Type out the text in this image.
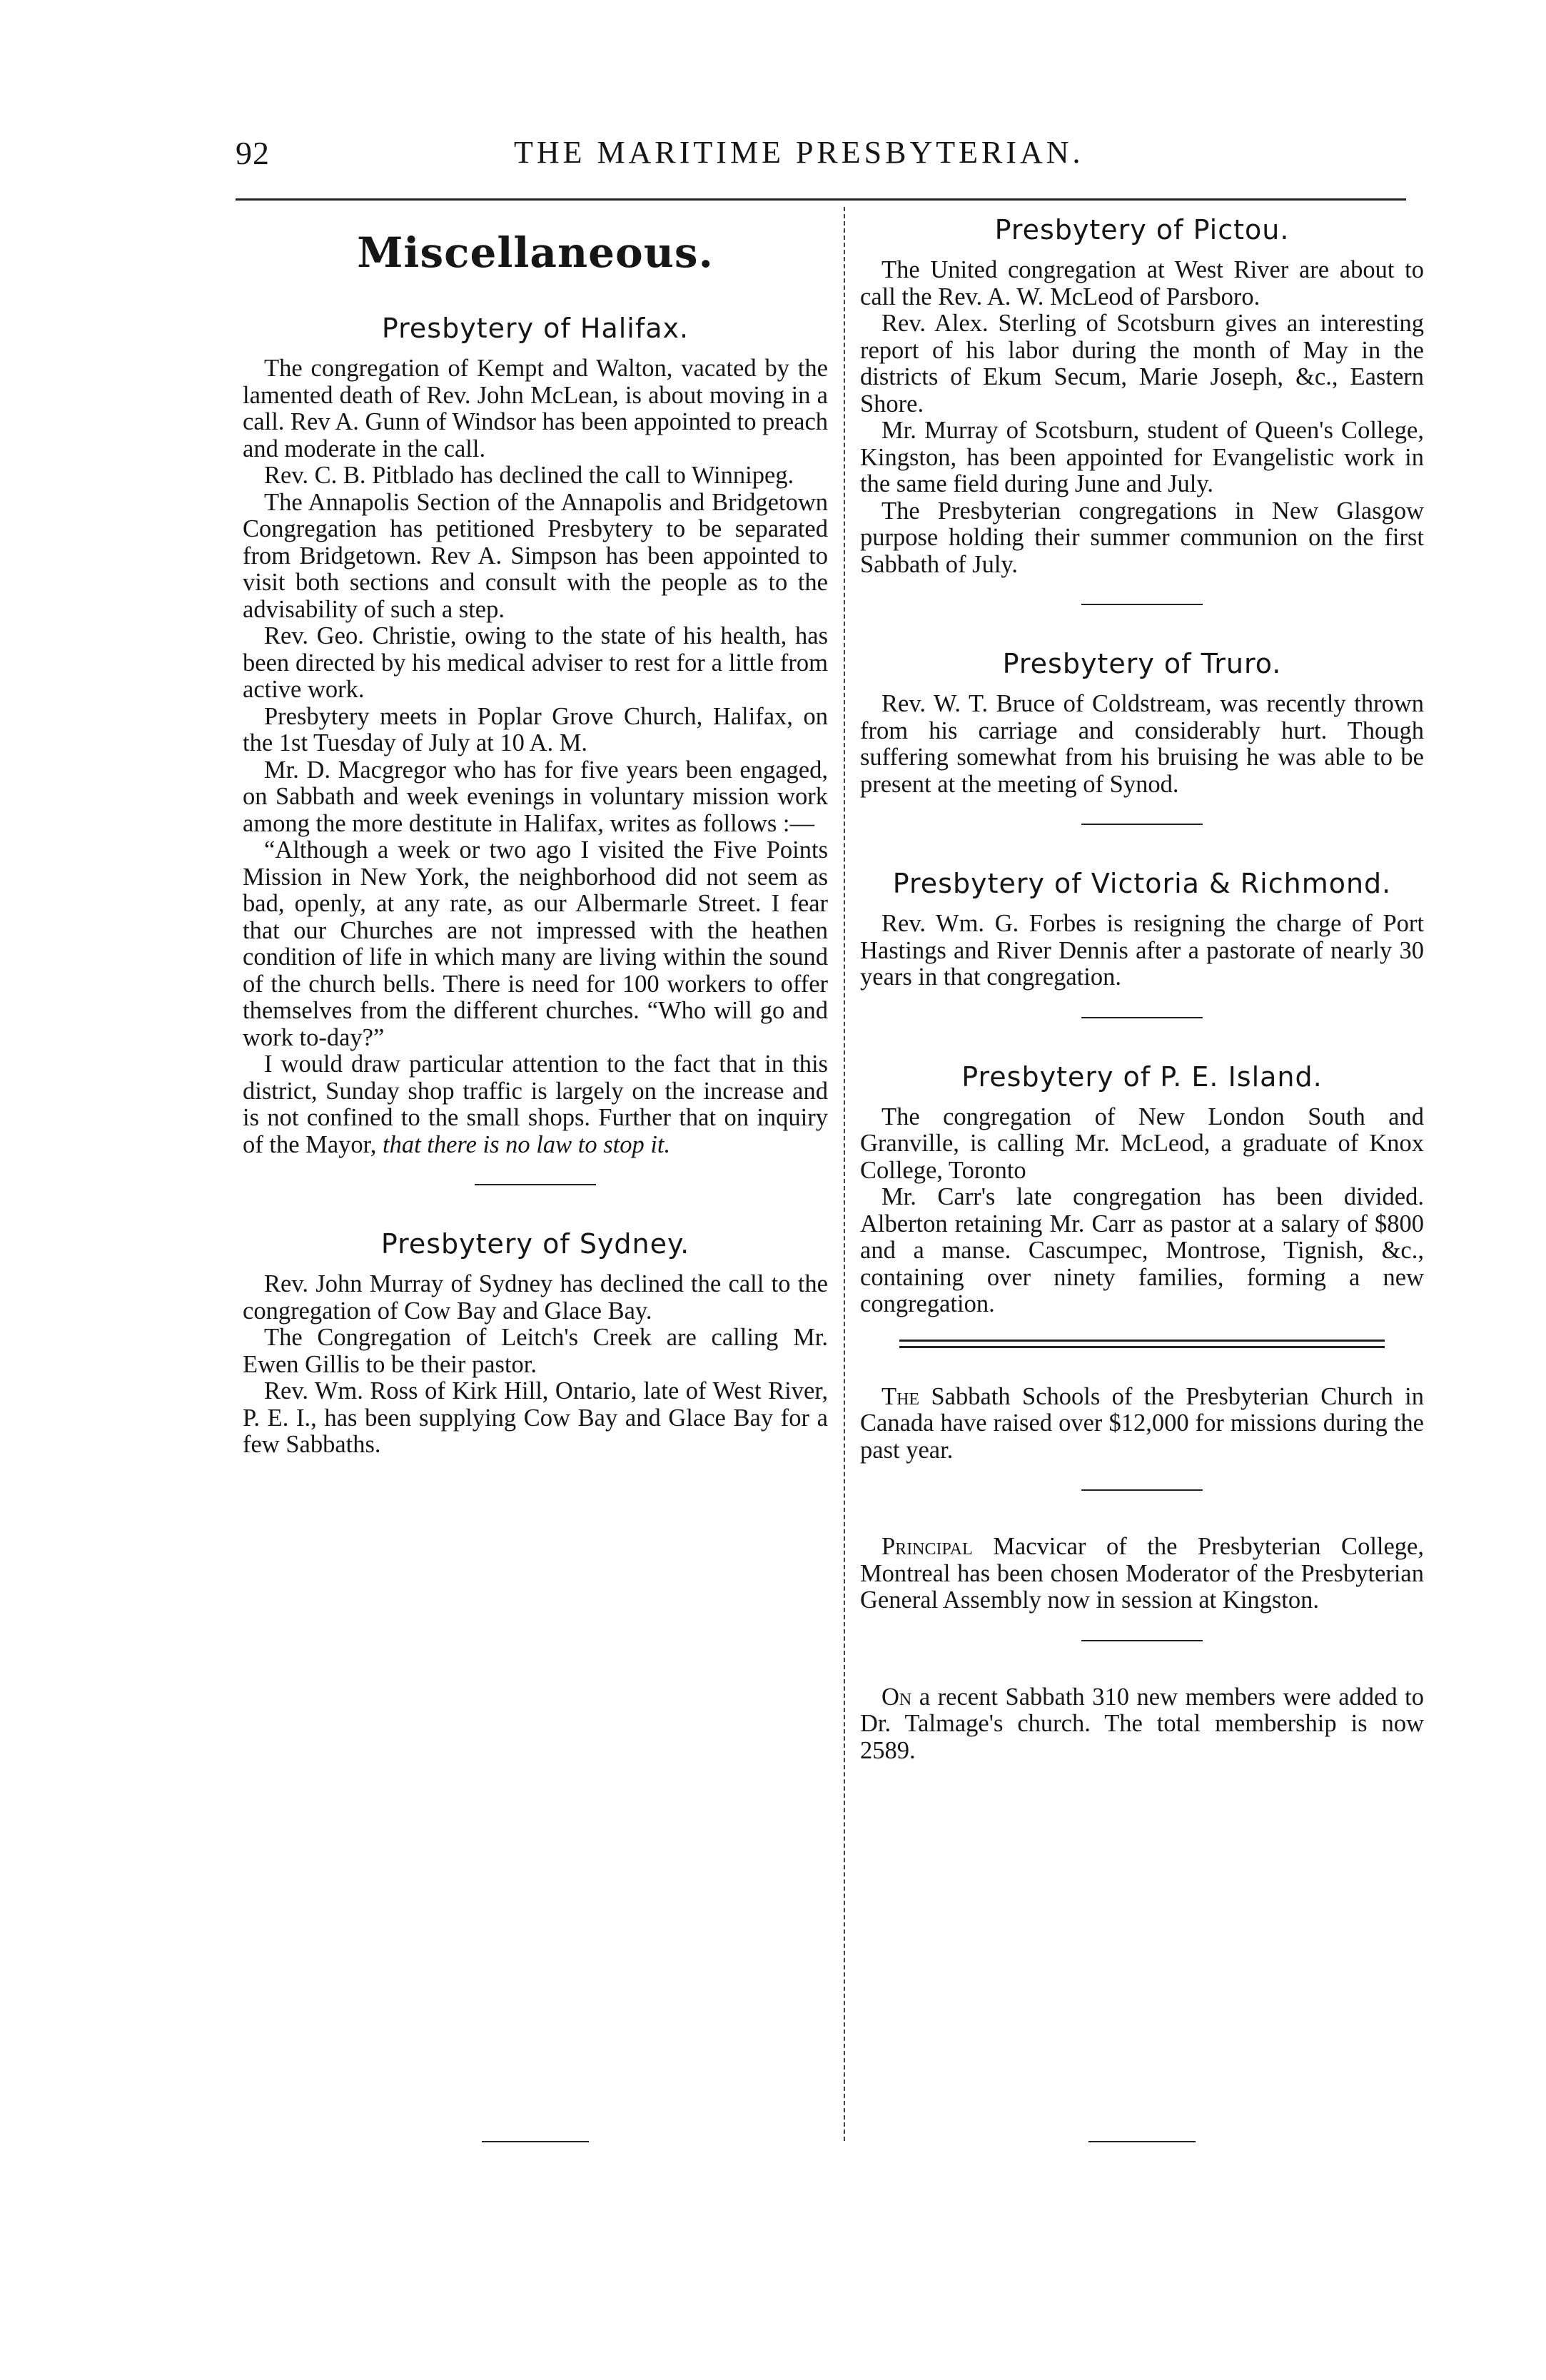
92	THE MARITIME PRESBYTERIAN.
Miscellaneous.
Presbytery of Halifax.

The congregation of Kempt and Walton, vacated by the lamented death of Rev. John McLean, is about moving in a call. Rev A. Gunn of Windsor has been appointed to preach and moderate in the call.

Rev. C. B. Pitblado has declined the call to Winnipeg.

The Annapolis Section of the Annapolis and Bridgetown Congregation has petitioned Presbytery to be separated from Bridgetown. Rev A. Simpson has been appointed to visit both sections and consult with the people as to the advisability of such a step.

Rev. Geo. Christie, owing to the state of his health, has been directed by his medical adviser to rest for a little from active work.

Presbytery meets in Poplar Grove Church, Halifax, on the 1st Tuesday of July at 10 A. M.

Mr. D. Macgregor who has for five years been engaged, on Sabbath and week evenings in voluntary mission work among the more destitute in Halifax, writes as follows :—

“Although a week or two ago I visited the Five Points Mission in New York, the neighborhood did not seem as bad, openly, at any rate, as our Albermarle Street. I fear that our Churches are not impressed with the heathen condition of life in which many are living within the sound of the church bells. There is need for 100 workers to offer themselves from the different churches. “Who will go and work to-day?”

I would draw particular attention to the fact that in this district, Sunday shop traffic is largely on the increase and is not confined to the small shops. Further that on inquiry of the Mayor, that there is no law to stop it.

Presbytery of Sydney.

Rev. John Murray of Sydney has declined the call to the congregation of Cow Bay and Glace Bay.

The Congregation of Leitch's Creek are calling Mr. Ewen Gillis to be their pastor.

Rev. Wm. Ross of Kirk Hill, Ontario, late of West River, P. E. I., has been supplying Cow Bay and Glace Bay for a few Sabbaths.

Presbytery of Pictou.

The United congregation at West River are about to call the Rev. A. W. McLeod of Parsboro.

Rev. Alex. Sterling of Scotsburn gives an interesting report of his labor during the month of May in the districts of Ekum Secum, Marie Joseph, &c., Eastern Shore.

Mr. Murray of Scotsburn, student of Queen's College, Kingston, has been appointed for Evangelistic work in the same field during June and July.

The Presbyterian congregations in New Glasgow purpose holding their summer communion on the first Sabbath of July.

Presbytery of Truro.

Rev. W. T. Bruce of Coldstream, was recently thrown from his carriage and considerably hurt. Though suffering somewhat from his bruising he was able to be present at the meeting of Synod.

Presbytery of Victoria & Richmond.

Rev. Wm. G. Forbes is resigning the charge of Port Hastings and River Dennis after a pastorate of nearly 30 years in that congregation.

Presbytery of P. E. Island.

The congregation of New London South and Granville, is calling Mr. McLeod, a graduate of Knox College, Toronto

Mr. Carr's late congregation has been divided. Alberton retaining Mr. Carr as pastor at a salary of $800 and a manse. Cascumpec, Montrose, Tignish, &c., containing over ninety families, forming a new congregation.

The Sabbath Schools of the Presbyterian Church in Canada have raised over $12,000 for missions during the past year.

Principal Macvicar of the Presbyterian College, Montreal has been chosen Moderator of the Presbyterian General Assembly now in session at Kingston.

On a recent Sabbath 310 new members were added to Dr. Talmage's church. The total membership is now 2589.
